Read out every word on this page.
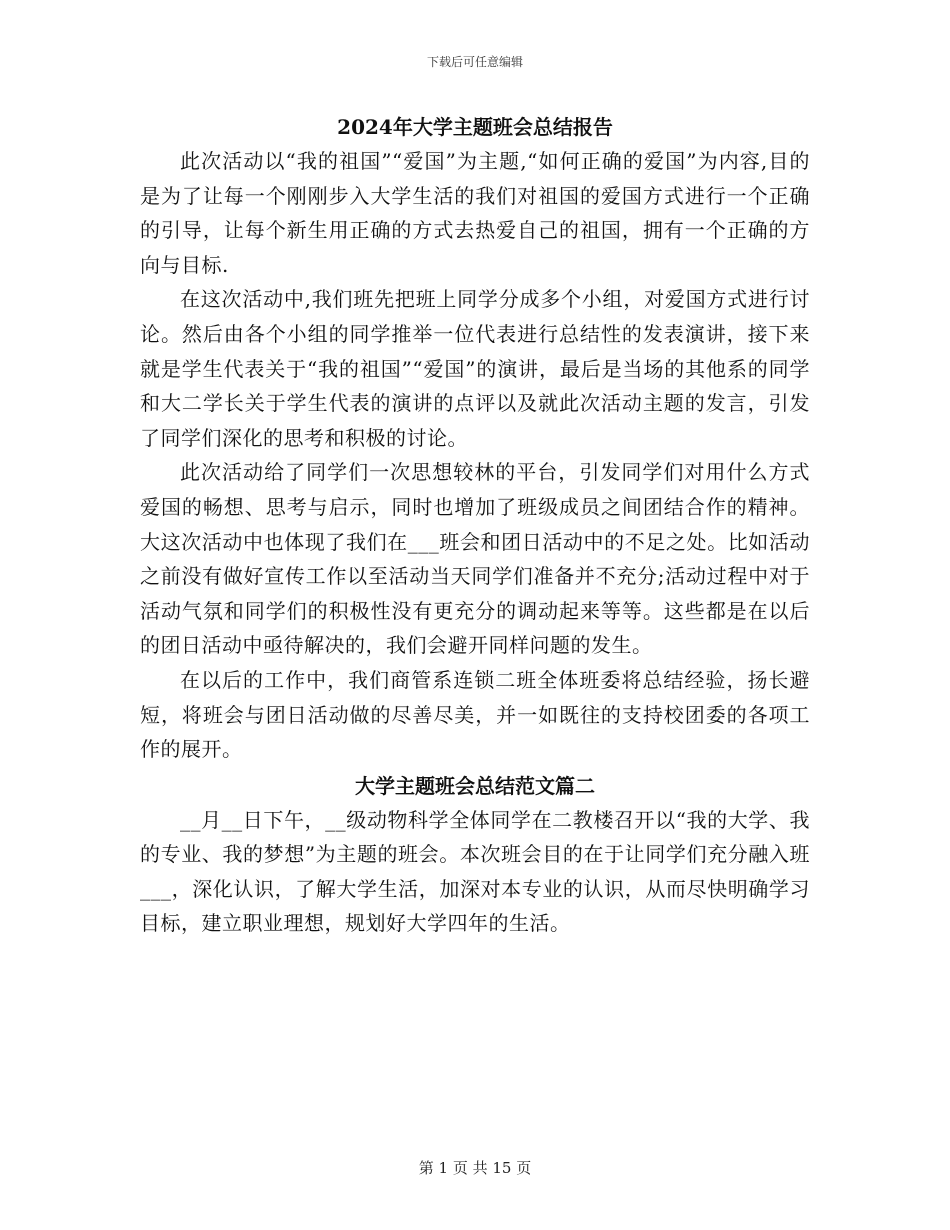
下载后可任意编辑
2024年大学主题班会总结报告

此次活动以“我的祖国”“爱国”为主题,“如何正确的爱国”为内容,目的是为了让每一个刚刚步入大学生活的我们对祖国的爱国方式进行一个正确的引导，让每个新生用正确的方式去热爱自己的祖国，拥有一个正确的方向与目标.

在这次活动中,我们班先把班上同学分成多个小组，对爱国方式进行讨论。然后由各个小组的同学推举一位代表进行总结性的发表演讲，接下来就是学生代表关于“我的祖国”“爱国”的演讲，最后是当场的其他系的同学和大二学长关于学生代表的演讲的点评以及就此次活动主题的发言，引发了同学们深化的思考和积极的讨论。

此次活动给了同学们一次思想较林的平台，引发同学们对用什么方式爱国的畅想、思考与启示，同时也增加了班级成员之间团结合作的精神。大这次活动中也体现了我们在___班会和团日活动中的不足之处。比如活动之前没有做好宣传工作以至活动当天同学们准备并不充分;活动过程中对于活动气氛和同学们的积极性没有更充分的调动起来等等。这些都是在以后的团日活动中亟待解决的，我们会避开同样问题的发生。

在以后的工作中，我们商管系连锁二班全体班委将总结经验，扬长避短，将班会与团日活动做的尽善尽美，并一如既往的支持校团委的各项工作的展开。

大学主题班会总结范文篇二

__月__日下午，__级动物科学全体同学在二教楼召开以“我的大学、我的专业、我的梦想”为主题的班会。本次班会目的在于让同学们充分融入班___，深化认识，了解大学生活，加深对本专业的认识，从而尽快明确学习目标，建立职业理想，规划好大学四年的生活。

第 1 页 共 15 页
